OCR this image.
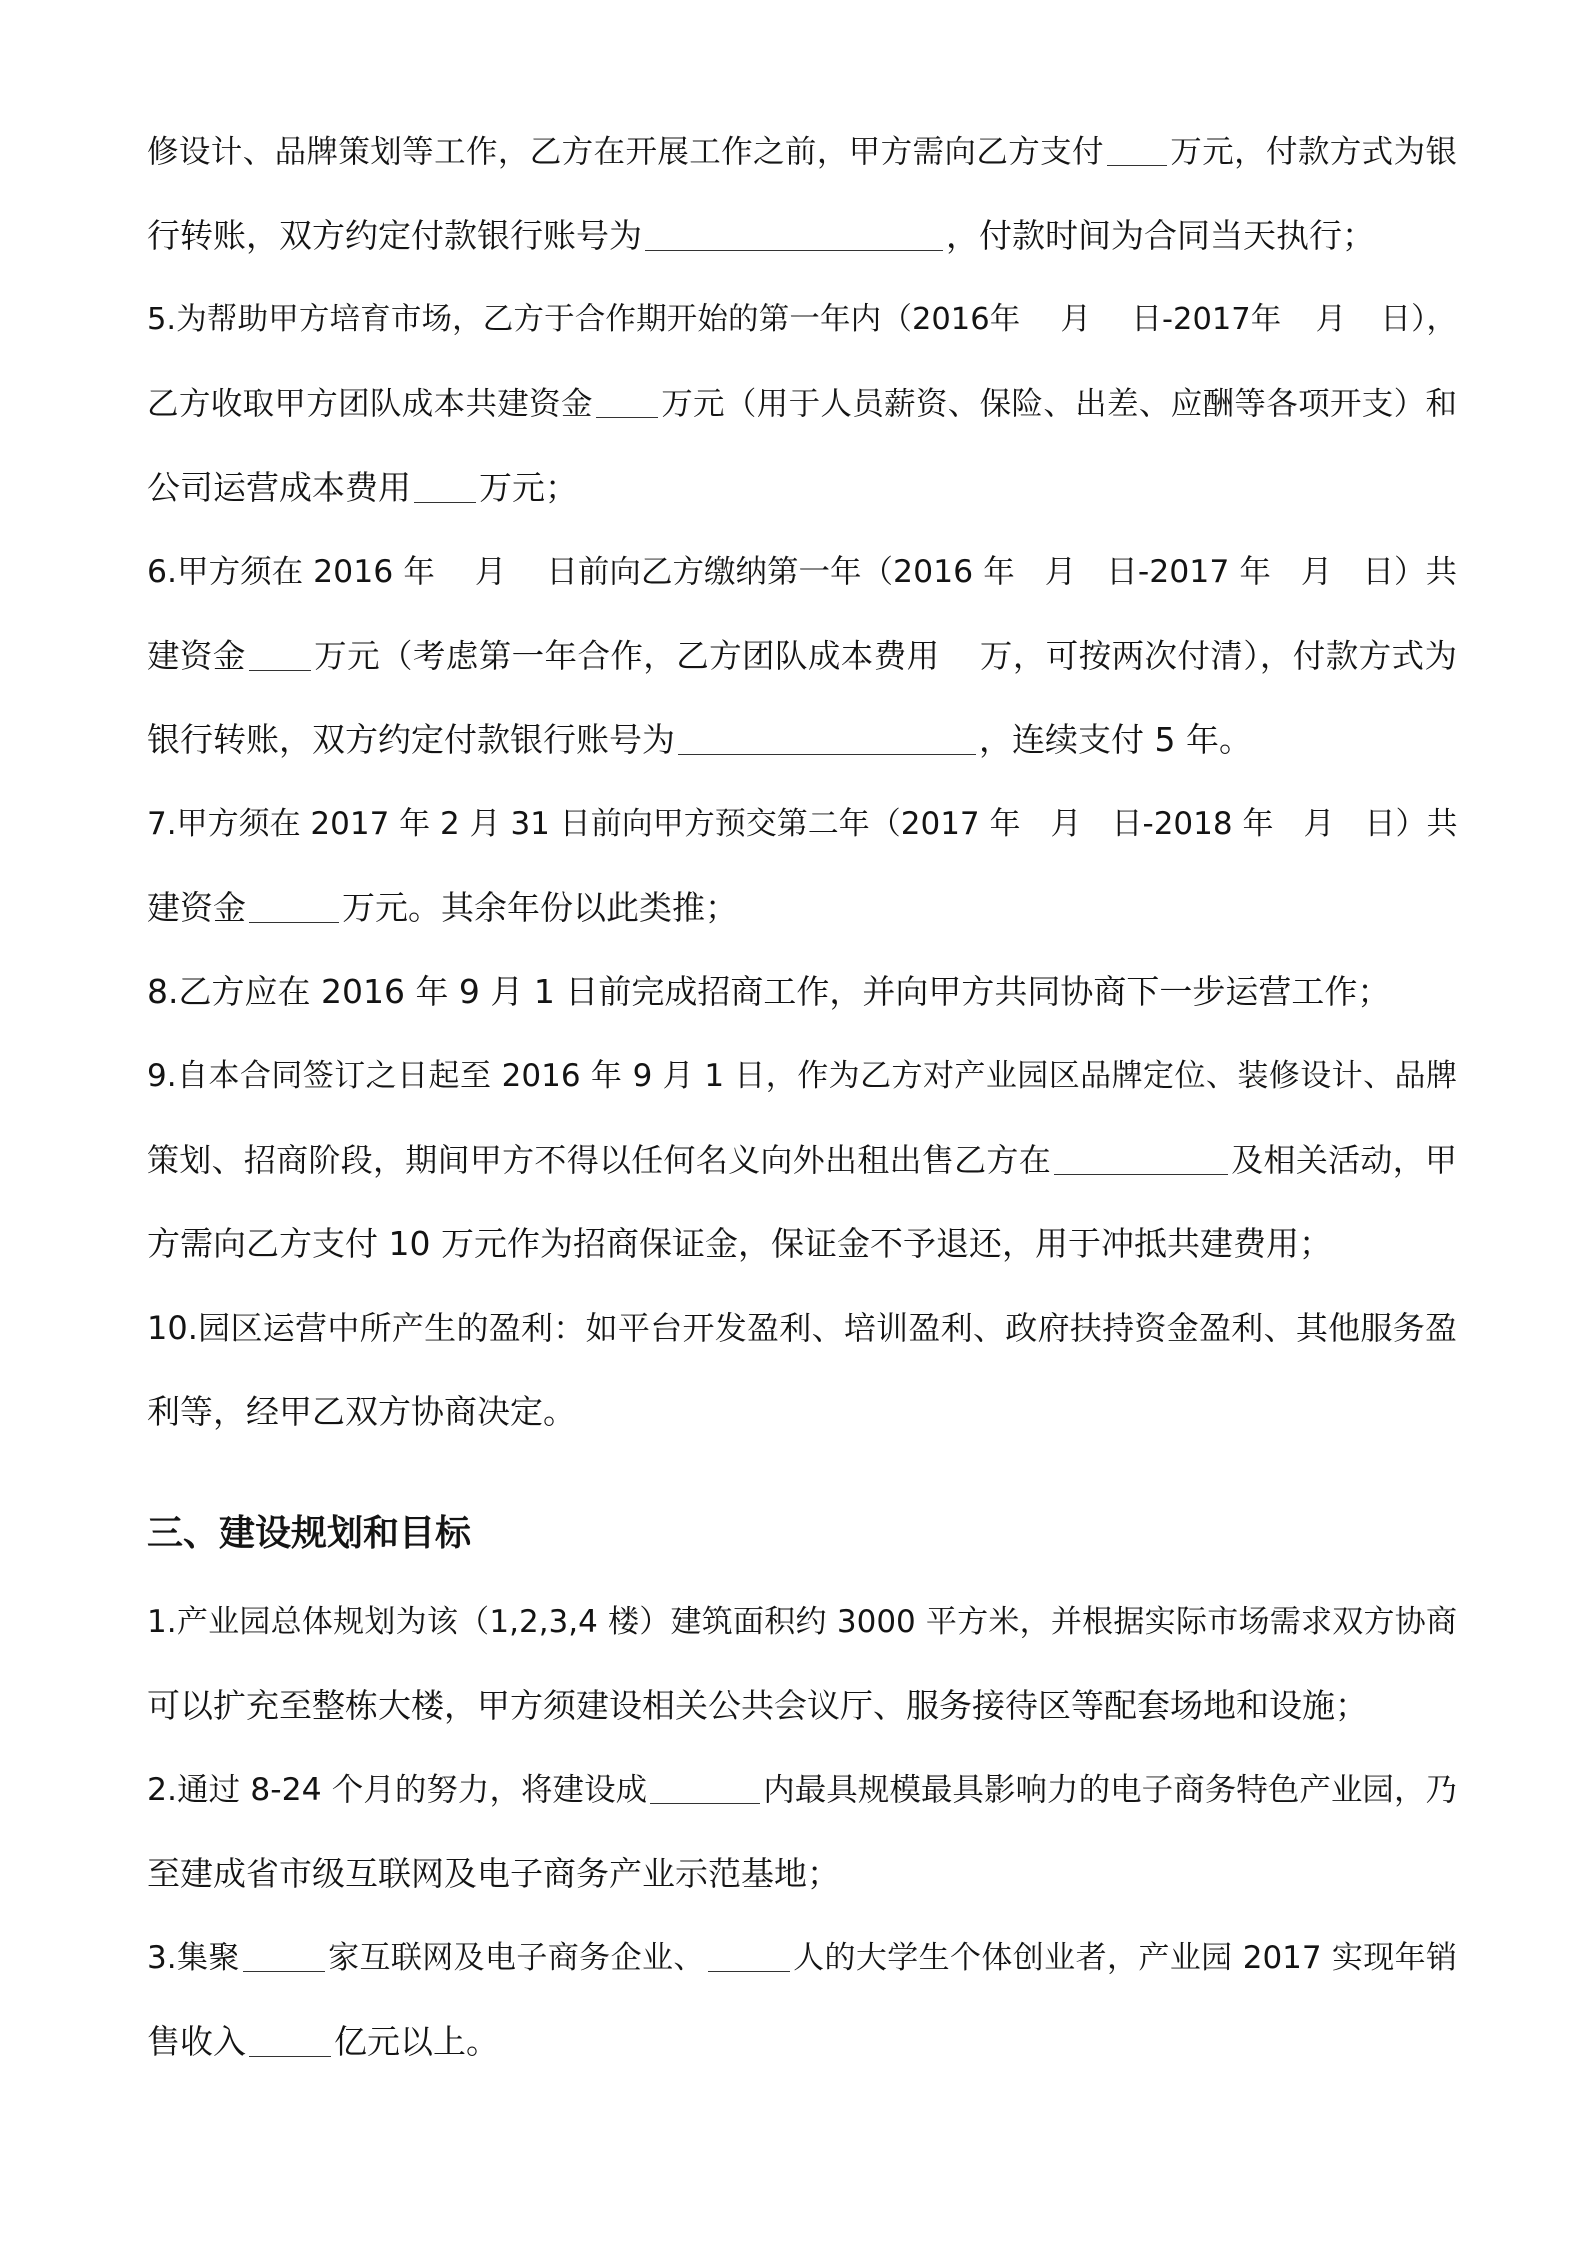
修设计、品牌策划等工作，乙方在开展工作之前，甲方需向乙方支付 万元，付款方式为银
行转账，双方约定付款银行账号为	，付款时间为合同当天执行；
5.为帮助甲方培育市场，乙方于合作期开始的第一年内（2016年 月 日-2017年 月 日），
乙方收取甲方团队成本共建资金 万元（用于人员薪资、保险、出差、应酬等各项开支）和
公司运营成本费用 万元；
6.甲方须在 2016 年 月 日前向乙方缴纳第一年（2016 年 月 日-2017 年 月 日）共
建资金 万元（考虑第一年合作，乙方团队成本费用 万，可按两次付清），付款方式为
银行转账，双方约定付款银行账号为	，连续支付 5 年。
7.甲方须在 2017 年 2 月 31 日前向甲方预交第二年（2017 年 月 日-2018 年 月 日）共
建资金	万元。其余年份以此类推；
8.乙方应在 2016 年 9 月 1 日前完成招商工作，并向甲方共同协商下一步运营工作；
9.自本合同签订之日起至 2016 年 9 月 1 日，作为乙方对产业园区品牌定位、装修设计、品牌
策划、招商阶段，期间甲方不得以任何名义向外出租出售乙方在	及相关活动，甲
方需向乙方支付 10 万元作为招商保证金，保证金不予退还，用于冲抵共建费用；
10.园区运营中所产生的盈利：如平台开发盈利、培训盈利、政府扶持资金盈利、其他服务盈
利等，经甲乙双方协商决定。
三、建设规划和目标
1.产业园总体规划为该（1,2,3,4 楼）建筑面积约 3000 平方米，并根据实际市场需求双方协商
可以扩充至整栋大楼，甲方须建设相关公共会议厅、服务接待区等配套场地和设施；
2.通过 8-24 个月的努力，将建设成	内最具规模最具影响力的电子商务特色产业园，乃
至建成省市级互联网及电子商务产业示范基地；
3.集聚	家互联网及电子商务企业、	人的大学生个体创业者，产业园 2017 实现年销
售收入	亿元以上。
